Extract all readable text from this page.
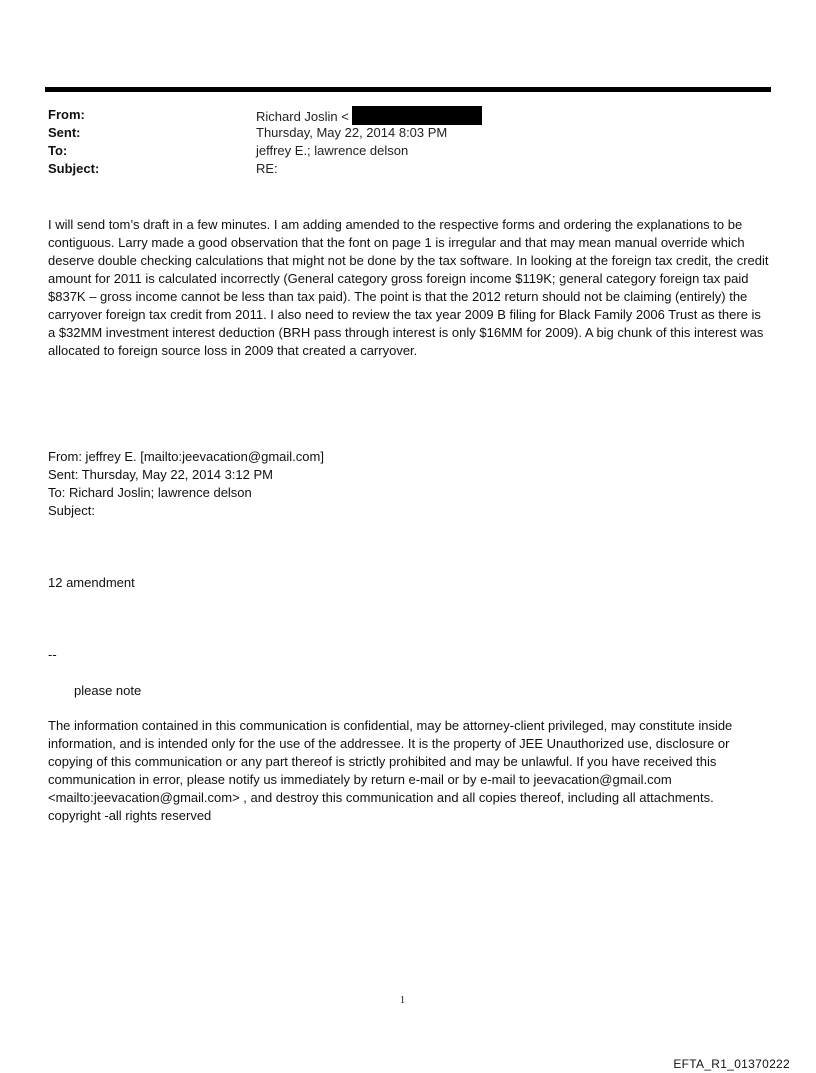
From:	Richard Joslin <
Sent:	Thursday, May 22, 2014 8:03 PM
To:	jeffrey E.; lawrence delson
Subject:	RE:
I will send tom’s draft in a few minutes. I am adding amended to the respective forms and ordering the explanations to be contiguous. Larry made a good observation that the font on page 1 is irregular and that may mean manual override which deserve double checking calculations that might not be done by the tax software. In looking at the foreign tax credit, the credit amount for 2011 is calculated incorrectly (General category gross foreign income $119K; general category foreign tax paid $837K – gross income cannot be less than tax paid). The point is that the 2012 return should not be claiming (entirely) the carryover foreign tax credit from 2011. I also need to review the tax year 2009 B filing for Black Family 2006 Trust as there is a $32MM investment interest deduction (BRH pass through interest is only $16MM for 2009). A big chunk of this interest was allocated to foreign source loss in 2009 that created a carryover.
From: jeffrey E. [mailto:jeevacation@gmail.com]
Sent: Thursday, May 22, 2014 3:12 PM
To: Richard Joslin; lawrence delson
Subject:
12 amendment
--
please note
The information contained in this communication is confidential, may be attorney-client privileged, may constitute inside information, and is intended only for the use of the addressee. It is the property of JEE Unauthorized use, disclosure or copying of this communication or any part thereof is strictly prohibited and may be unlawful. If you have received this communication in error, please notify us immediately by return e-mail or by e-mail to jeevacation@gmail.com <mailto:jeevacation@gmail.com> , and destroy this communication and all copies thereof, including all attachments. copyright -all rights reserved
1
EFTA_R1_01370222
